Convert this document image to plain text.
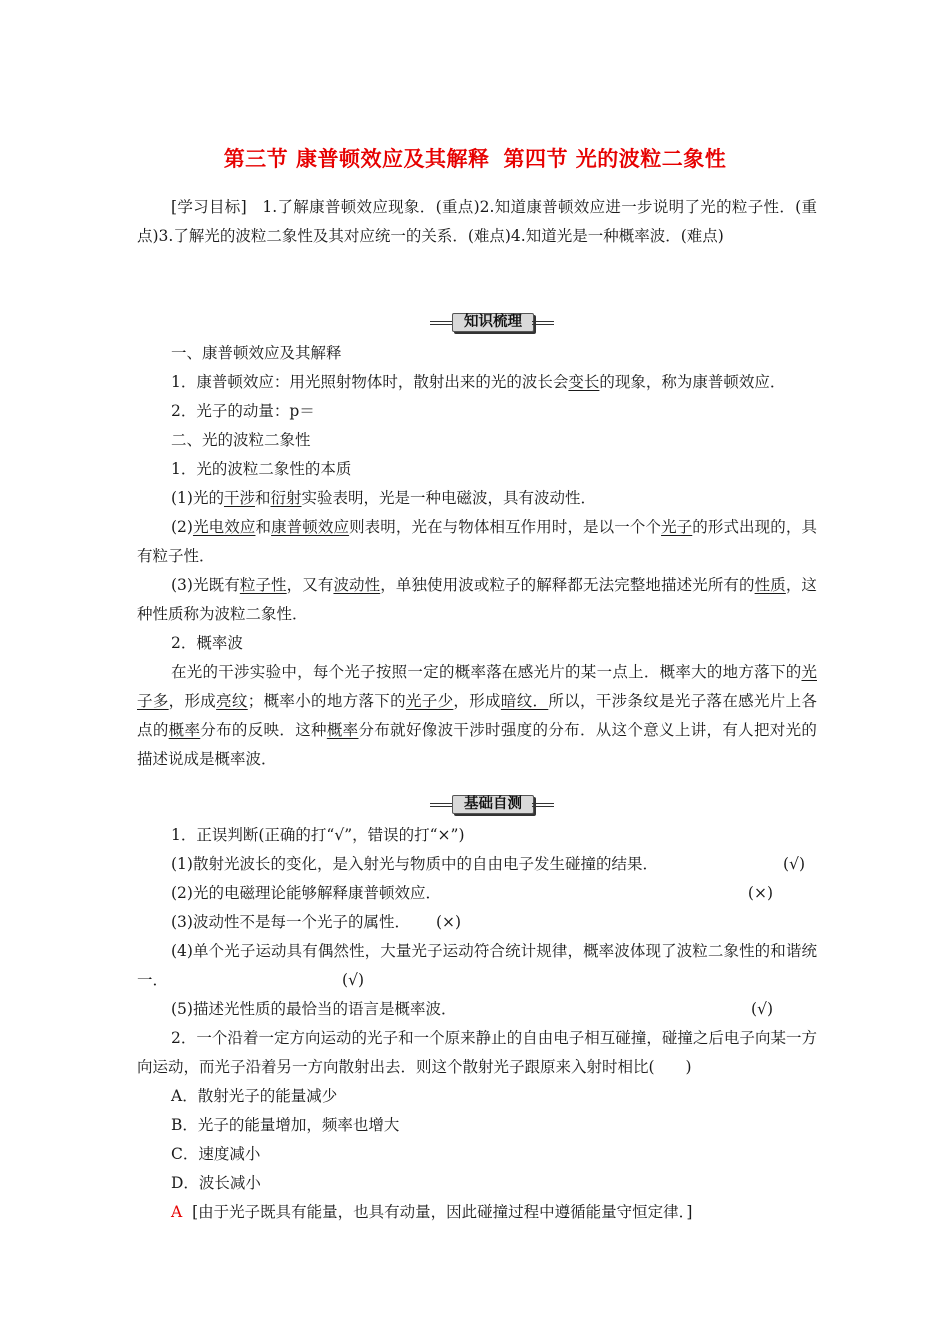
第三节 康普顿效应及其解释 第四节 光的波粒二象性

[学习目标] 1.了解康普顿效应现象．(重点)2.知道康普顿效应进一步说明了光的粒子性．(重点)3.了解光的波粒二象性及其对应统一的关系．(难点)4.知道光是一种概率波．(难点)

知识梳理

一、康普顿效应及其解释

1．康普顿效应：用光照射物体时，散射出来的光的波长会变长的现象，称为康普顿效应．

2．光子的动量：p＝

二、光的波粒二象性

1．光的波粒二象性的本质

(1)光的干涉和衍射实验表明，光是一种电磁波，具有波动性．

(2)光电效应和康普顿效应则表明，光在与物体相互作用时，是以一个个光子的形式出现的，具有粒子性．

(3)光既有粒子性，又有波动性，单独使用波或粒子的解释都无法完整地描述光所有的性质，这种性质称为波粒二象性．

2．概率波

在光的干涉实验中，每个光子按照一定的概率落在感光片的某一点上．概率大的地方落下的光子多，形成亮纹；概率小的地方落下的光子少，形成暗纹．所以，干涉条纹是光子落在感光片上各点的概率分布的反映．这种概率分布就好像波干涉时强度的分布．从这个意义上讲，有人把对光的描述说成是概率波．

基础自测

1．正误判断(正确的打“√”，错误的打“×”)

(1)散射光波长的变化，是入射光与物质中的自由电子发生碰撞的结果．	(√)

(2)光的电磁理论能够解释康普顿效应．	(×)

(3)波动性不是每一个光子的属性． (×)

(4)单个光子运动具有偶然性，大量光子运动符合统计规律，概率波体现了波粒二象性的和谐统一．	(√)

(5)描述光性质的最恰当的语言是概率波．	(√)

2．一个沿着一定方向运动的光子和一个原来静止的自由电子相互碰撞，碰撞之后电子向某一方向运动，而光子沿着另一方向散射出去．则这个散射光子跟原来入射时相比(　　)

A．散射光子的能量减少

B．光子的能量增加，频率也增大

C．速度减小

D．波长减小

A [由于光子既具有能量，也具有动量，因此碰撞过程中遵循能量守恒定律．]
